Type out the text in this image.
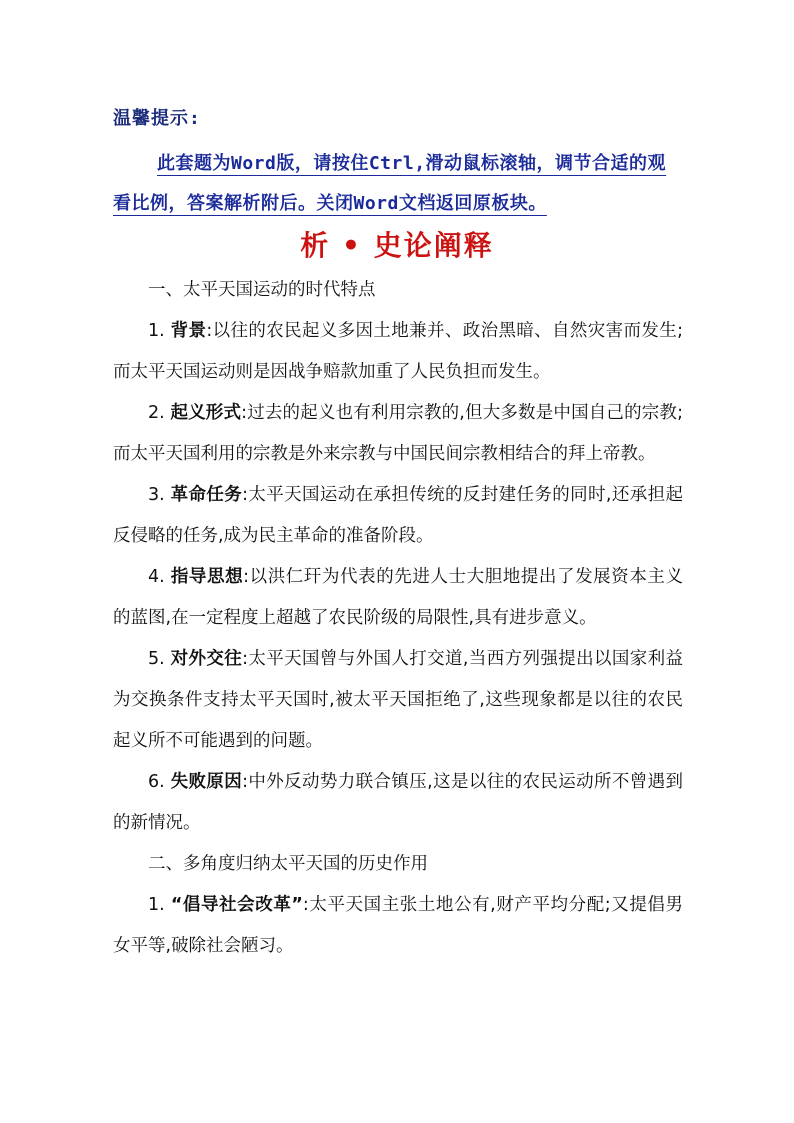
温馨提示:
此套题为Word版，请按住Ctrl,滑动鼠标滚轴，调节合适的观看比例，答案解析附后。关闭Word文档返回原板块。
析 • 史论阐释

一、太平天国运动的时代特点

1. 背景:以往的农民起义多因土地兼并、政治黑暗、自然灾害而发生;而太平天国运动则是因战争赔款加重了人民负担而发生。

2. 起义形式:过去的起义也有利用宗教的,但大多数是中国自己的宗教;而太平天国利用的宗教是外来宗教与中国民间宗教相结合的拜上帝教。

3. 革命任务:太平天国运动在承担传统的反封建任务的同时,还承担起反侵略的任务,成为民主革命的准备阶段。

4. 指导思想:以洪仁玕为代表的先进人士大胆地提出了发展资本主义的蓝图,在一定程度上超越了农民阶级的局限性,具有进步意义。

5. 对外交往:太平天国曾与外国人打交道,当西方列强提出以国家利益为交换条件支持太平天国时,被太平天国拒绝了,这些现象都是以往的农民起义所不可能遇到的问题。

6. 失败原因:中外反动势力联合镇压,这是以往的农民运动所不曾遇到的新情况。

二、多角度归纳太平天国的历史作用

1. “倡导社会改革”:太平天国主张土地公有,财产平均分配;又提倡男女平等,破除社会陋习。
